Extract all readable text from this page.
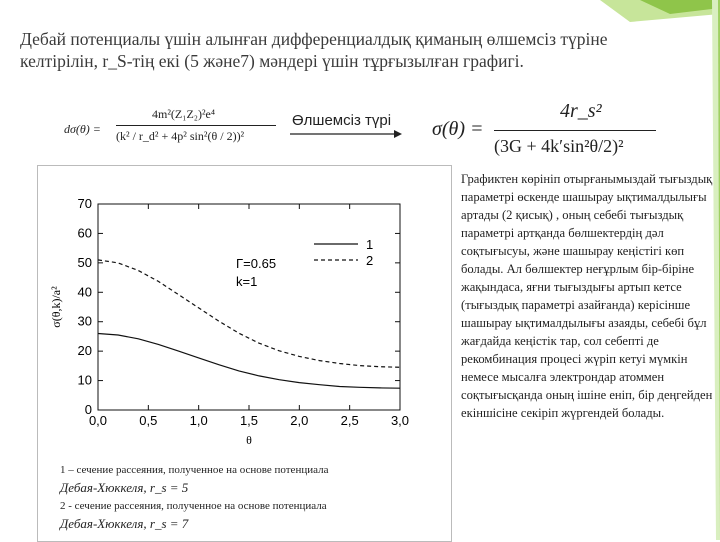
Дебай потенциалы үшін алынған дифференциалдық қиманың өлшемсіз түріне келтірілін, r_S-тің екі (5 және7) мәндері үшін тұрғызылған графигі.
dσ(θ) =
4m²(Z₁Z₂)²e⁴
(k² / r_d² + 4p² sin²(θ / 2))²
Өлшемсіз түрі σ(θ) =
4r_s²
(3G + 4k′sin²θ/2)²
0,0 0,5 1,0 1,5 2,0 2,5 3,0
0
10
20
30
40
50
60
70
θ
σ(θ,k)/a²
1
2
Γ=0.65
k=1
1 – сечение рассеяния, полученное на основе потенциала
Дебая-Хюккеля, r_s = 5
2 - сечение рассеяния, полученное на основе потенциала
Дебая-Хюккеля, r_s = 7
Графиктен көрініп отырғанымыздай тығыздық параметрі өскенде шашырау ықтималдылығы артады (2 қисық) , оның себебі тығыздық параметрі артқанда бөлшектердің дәл соқтығысуы, және шашырау кеңістігі көп болады. Ал бөлшектер неғұрлым бір-біріне жақындаса, яғни тығыздығы артып кетсе (тығыздық параметрі азайғанда) керісінше шашырау ықтималдылығы азаяды, себебі бұл жағдайда кеңістік тар, сол себепті де рекомбинация процесі жүріп кетуі мүмкін немесе мысалға электрондар атоммен соқтығысқанда оның ішіне еніп, бір деңгейден екіншісіне секіріп жүргендей болады.
